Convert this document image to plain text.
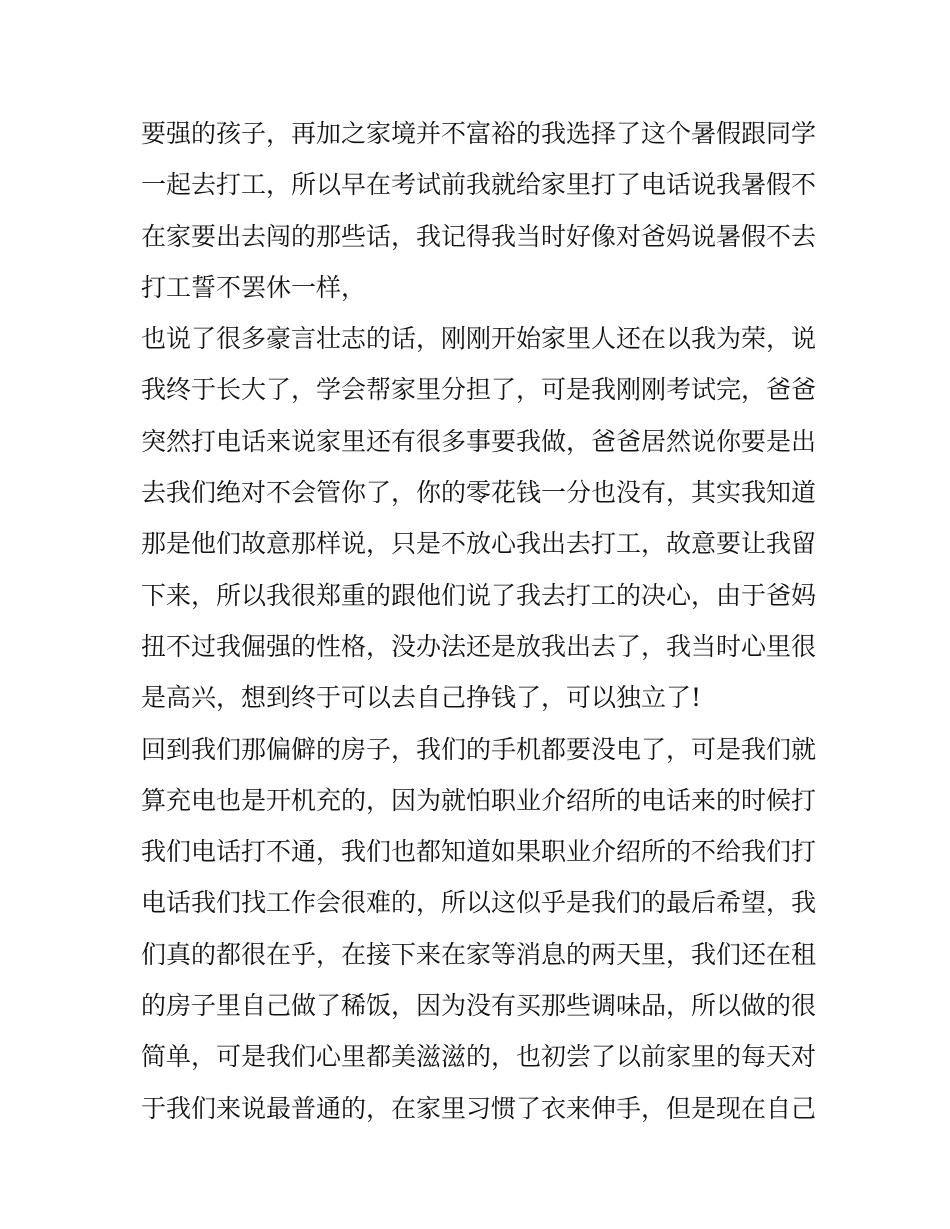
要强的孩子，再加之家境并不富裕的我选择了这个暑假跟同学
一起去打工，所以早在考试前我就给家里打了电话说我暑假不
在家要出去闯的那些话，我记得我当时好像对爸妈说暑假不去
打工誓不罢休一样，
也说了很多豪言壮志的话，刚刚开始家里人还在以我为荣，说
我终于长大了，学会帮家里分担了，可是我刚刚考试完，爸爸
突然打电话来说家里还有很多事要我做，爸爸居然说你要是出
去我们绝对不会管你了，你的零花钱一分也没有，其实我知道
那是他们故意那样说，只是不放心我出去打工，故意要让我留
下来，所以我很郑重的跟他们说了我去打工的决心，由于爸妈
扭不过我倔强的性格，没办法还是放我出去了，我当时心里很
是高兴，想到终于可以去自己挣钱了，可以独立了!
回到我们那偏僻的房子，我们的手机都要没电了，可是我们就
算充电也是开机充的，因为就怕职业介绍所的电话来的时候打
我们电话打不通，我们也都知道如果职业介绍所的不给我们打
电话我们找工作会很难的，所以这似乎是我们的最后希望，我
们真的都很在乎，在接下来在家等消息的两天里，我们还在租
的房子里自己做了稀饭，因为没有买那些调味品，所以做的很
简单，可是我们心里都美滋滋的，也初尝了以前家里的每天对
于我们来说最普通的，在家里习惯了衣来伸手，但是现在自己
